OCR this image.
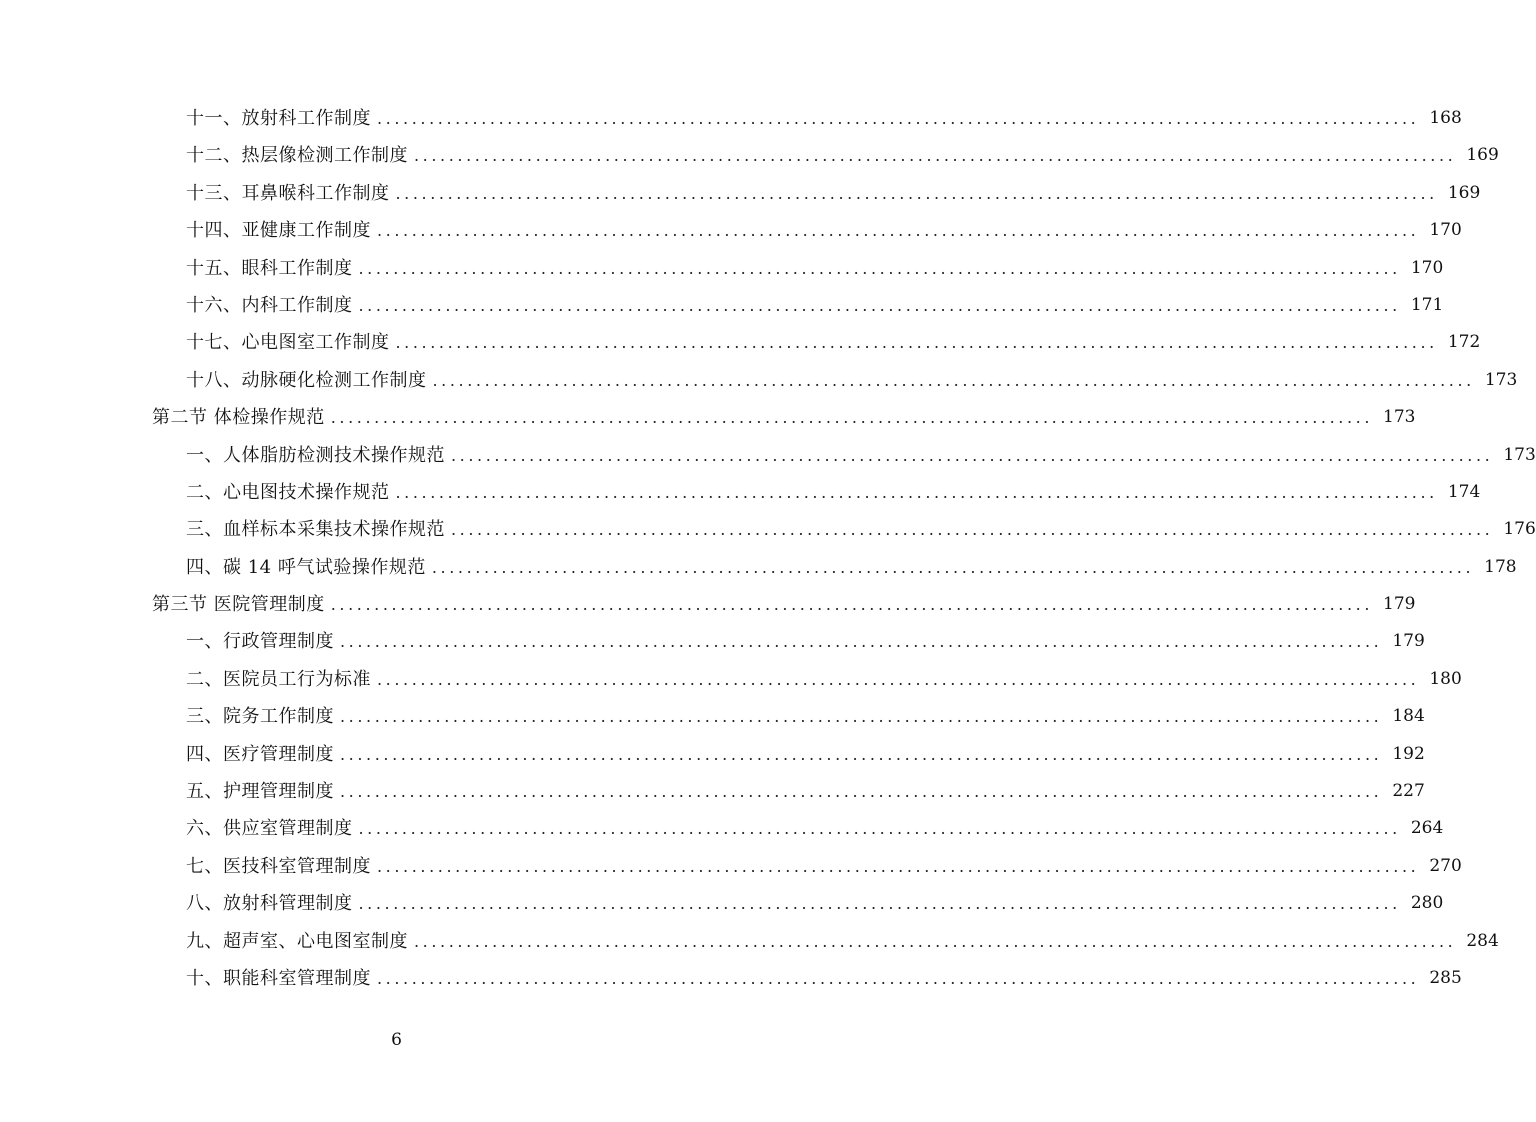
十一、放射科工作制度 ........................................................................................................................ 168
十二、热层像检测工作制度 ........................................................................................................................ 169
十三、耳鼻喉科工作制度 ........................................................................................................................ 169
十四、亚健康工作制度 ........................................................................................................................ 170
十五、眼科工作制度 ........................................................................................................................ 170
十六、内科工作制度 ........................................................................................................................ 171
十七、心电图室工作制度 ........................................................................................................................ 172
十八、动脉硬化检测工作制度 ........................................................................................................................ 173
第二节 体检操作规范 ........................................................................................................................ 173
一、人体脂肪检测技术操作规范 ........................................................................................................................ 173
二、心电图技术操作规范 ........................................................................................................................ 174
三、血样标本采集技术操作规范 ........................................................................................................................ 176
四、碳 14 呼气试验操作规范 ........................................................................................................................ 178
第三节 医院管理制度 ........................................................................................................................ 179
一、行政管理制度 ........................................................................................................................ 179
二、医院员工行为标准 ........................................................................................................................ 180
三、院务工作制度 ........................................................................................................................ 184
四、医疗管理制度 ........................................................................................................................ 192
五、护理管理制度 ........................................................................................................................ 227
六、供应室管理制度 ........................................................................................................................ 264
七、医技科室管理制度 ........................................................................................................................ 270
八、放射科管理制度 ........................................................................................................................ 280
九、超声室、心电图室制度 ........................................................................................................................ 284
十、职能科室管理制度 ........................................................................................................................ 285
6
